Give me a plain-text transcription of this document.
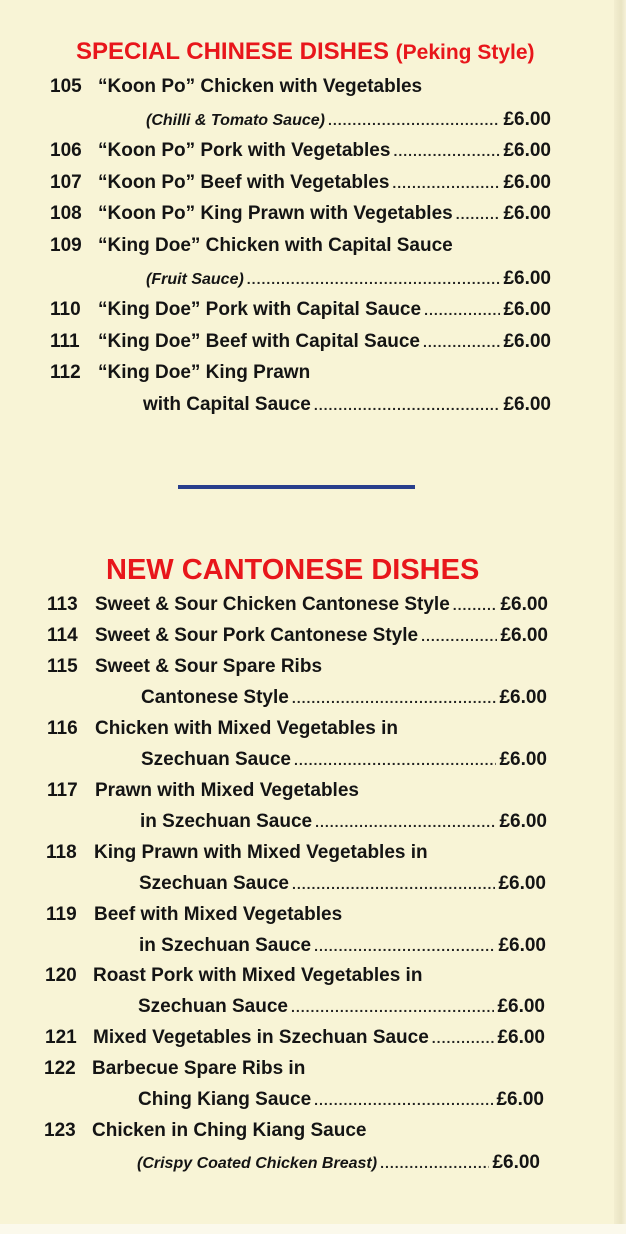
SPECIAL CHINESE DISHES (Peking Style)
NEW CANTONESE DISHES
105 “Koon Po” Chicken with Vegetables
(Chilli & Tomato Sauce) .....	£6.00
106 “Koon Po” Pork with Vegetables .....	£6.00
107 “Koon Po” Beef with Vegetables .....	£6.00
108 “Koon Po” King Prawn with Vegetables .....	£6.00
109 “King Doe” Chicken with Capital Sauce
(Fruit Sauce) .....	£6.00
110 “King Doe” Pork with Capital Sauce .....	£6.00
111 “King Doe” Beef with Capital Sauce .....	£6.00
112 “King Doe” King Prawn
with Capital Sauce .....	£6.00
113 Sweet & Sour Chicken Cantonese Style .....	£6.00
114 Sweet & Sour Pork Cantonese Style .....	£6.00
115 Sweet & Sour Spare Ribs
Cantonese Style .....	£6.00
116 Chicken with Mixed Vegetables in
Szechuan Sauce .....	£6.00
117 Prawn with Mixed Vegetables
in Szechuan Sauce .....	£6.00
118 King Prawn with Mixed Vegetables in
Szechuan Sauce .....	£6.00
119 Beef with Mixed Vegetables
in Szechuan Sauce .....	£6.00
120 Roast Pork with Mixed Vegetables in
Szechuan Sauce .....	£6.00
121 Mixed Vegetables in Szechuan Sauce .....	£6.00
122 Barbecue Spare Ribs in
Ching Kiang Sauce .....	£6.00
123 Chicken in Ching Kiang Sauce
(Crispy Coated Chicken Breast) .....	£6.00
